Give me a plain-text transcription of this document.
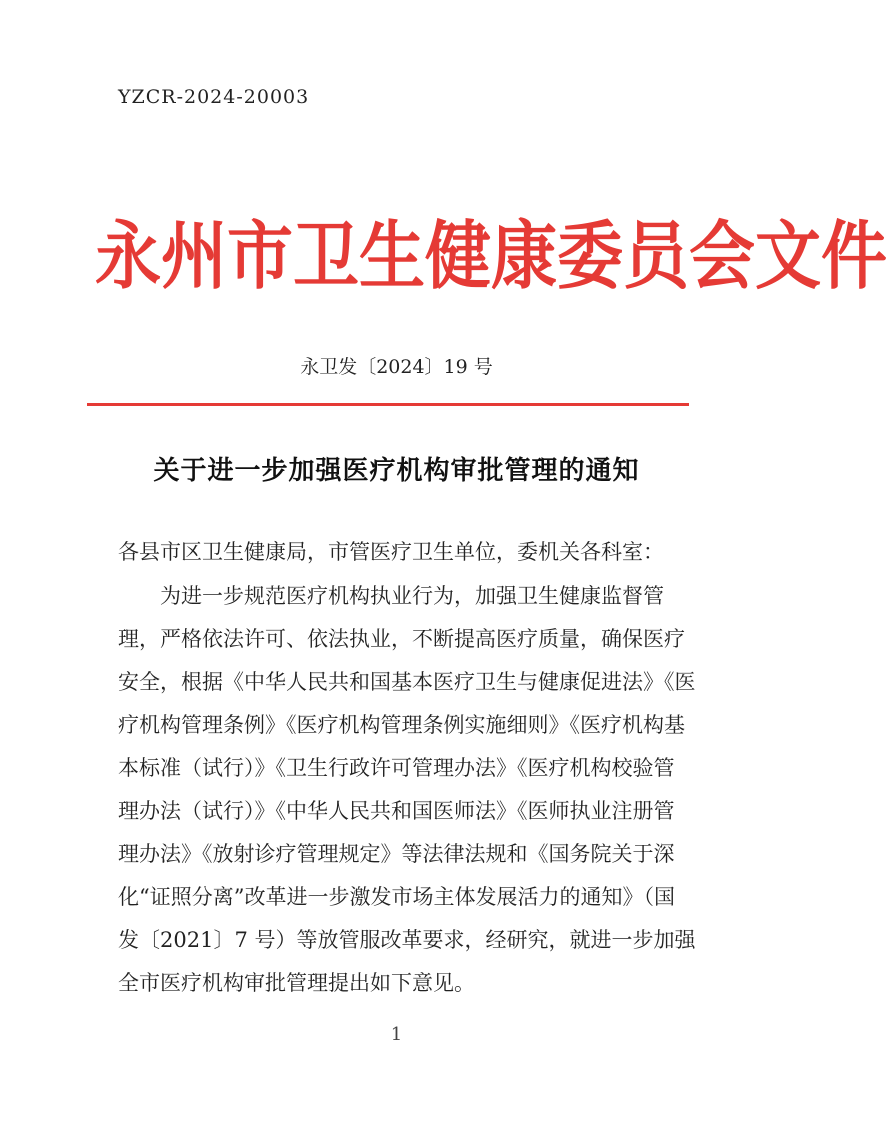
YZCR-2024-20003
永州市卫生健康委员会文件
永卫发〔2024〕19 号
关于进一步加强医疗机构审批管理的通知
各县市区卫生健康局，市管医疗卫生单位，委机关各科室：
为进一步规范医疗机构执业行为，加强卫生健康监督管
理，严格依法许可、依法执业，不断提高医疗质量，确保医疗
安全，根据《中华人民共和国基本医疗卫生与健康促进法》《医
疗机构管理条例》《医疗机构管理条例实施细则》《医疗机构基
本标准（试行）》《卫生行政许可管理办法》《医疗机构校验管
理办法（试行）》《中华人民共和国医师法》《医师执业注册管
理办法》《放射诊疗管理规定》等法律法规和《国务院关于深
化“证照分离”改革进一步激发市场主体发展活力的通知》（国
发〔2021〕7 号）等放管服改革要求，经研究，就进一步加强
全市医疗机构审批管理提出如下意见。
1
